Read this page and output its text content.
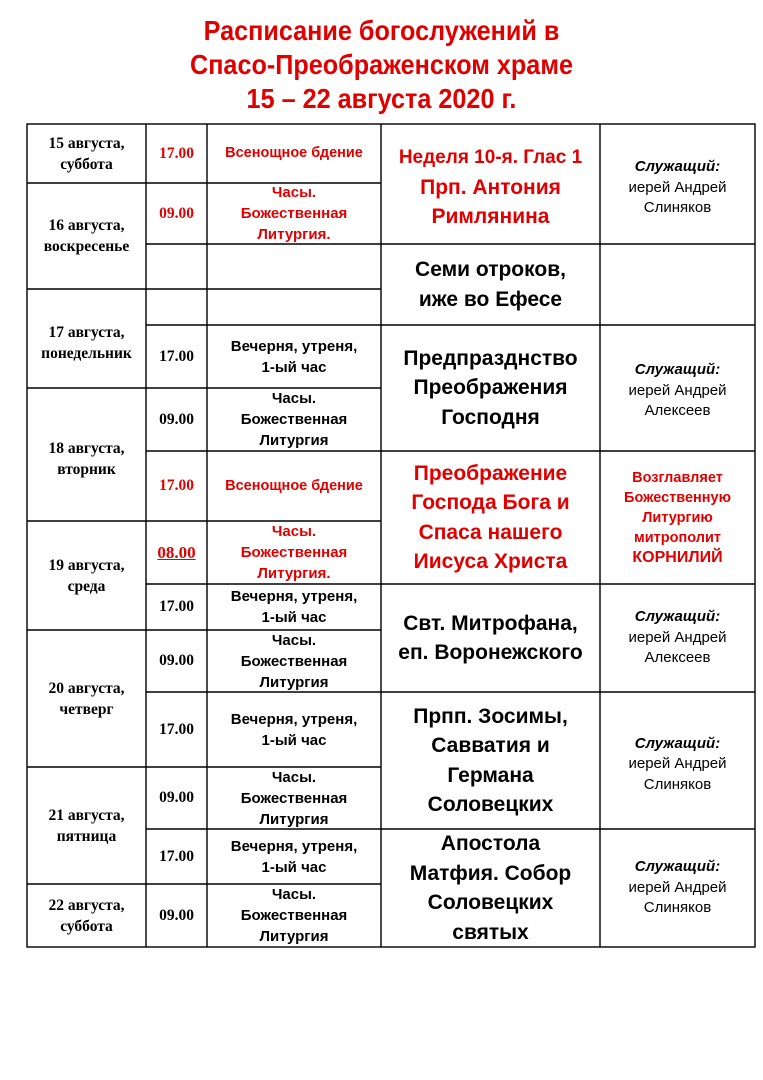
Расписание богослужений в
Спасо-Преображенском храме
15 – 22 августа 2020 г.
15 августа,
суббота
16 августа,
воскресенье
17 августа,
понедельник
18 августа,
вторник
19 августа,
среда
20 августа,
четверг
21 августа,
пятница
22 августа,
суббота
17.00
09.00
17.00
09.00
17.00
08.00
17.00
09.00
17.00
09.00
17.00
09.00
Всенощное бдение
Часы.
Божественная
Литургия.
Вечерня, утреня,
1-ый час
Часы.
Божественная
Литургия
Всенощное бдение
Часы.
Божественная
Литургия.
Вечерня, утреня,
1-ый час
Часы.
Божественная
Литургия
Вечерня, утреня,
1-ый час
Часы.
Божественная
Литургия
Вечерня, утреня,
1-ый час
Часы.
Божественная
Литургия
Неделя 10-я. Глас 1
Прп. Антония
Римлянина
Семи отроков,
иже во Ефесе
Предпразднство
Преображения
Господня
Преображение
Господа Бога и
Спаса нашего
Иисуса Христа
Свт. Митрофана,
еп. Воронежского
Прпп. Зосимы,
Савватия и
Германа
Соловецких
Апостола
Матфия. Собор
Соловецких
святых
Служащий:
иерей Андрей
Слиняков
Служащий:
иерей Андрей
Алексеев
Возглавляет
Божественную
Литургию
митрополит
КОРНИЛИЙ
Служащий:
иерей Андрей
Алексеев
Служащий:
иерей Андрей
Слиняков
Служащий:
иерей Андрей
Слиняков
